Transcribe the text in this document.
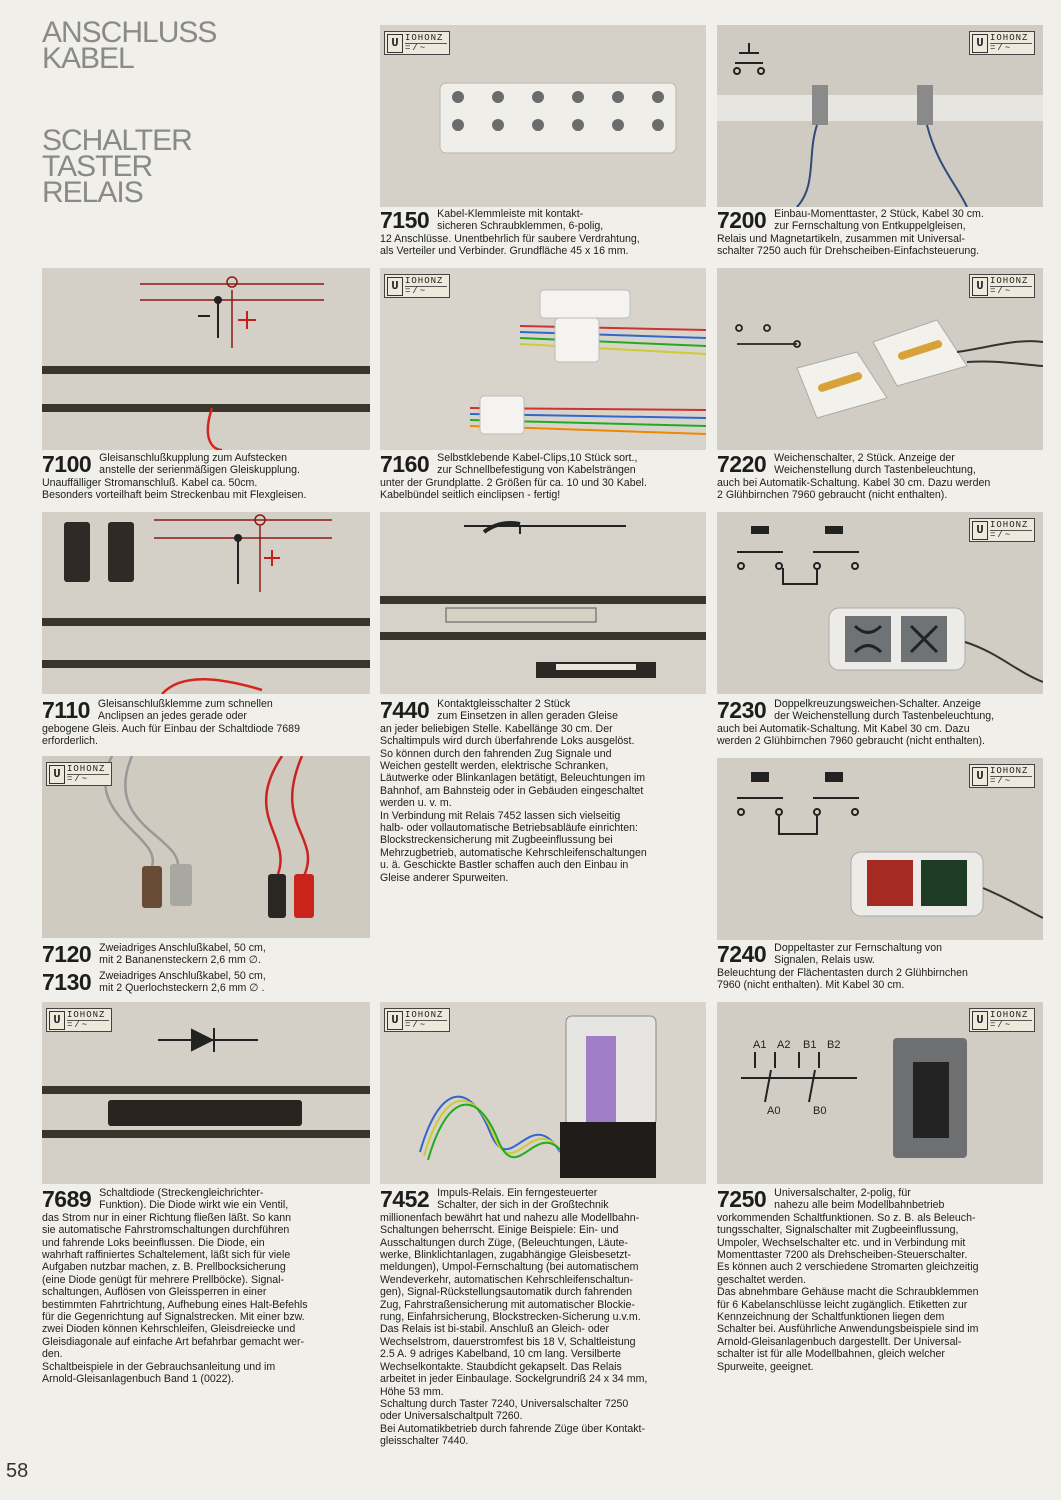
ANSCHLUSS
KABEL
SCHALTER
TASTER
RELAIS
U IOHONZ
=/~
7150 Kabel-Klemmleiste mit kontakt-
sicheren Schraubklemmen, 6-polig,
12 Anschlüsse. Unentbehrlich für saubere Verdrahtung,
als Verteiler und Verbinder. Grundfläche 45 x 16 mm.
U IOHONZ
=/~
7200 Einbau-Momenttaster, 2 Stück, Kabel 30 cm.
zur Fernschaltung von Entkuppelgleisen,
Relais und Magnetartikeln, zusammen mit Universal-
schalter 7250 auch für Drehscheiben-Einfachsteuerung.
7100 Gleisanschlußkupplung zum Aufstecken
anstelle der serienmäßigen Gleiskupplung.
Unauffälliger Stromanschluß. Kabel ca. 50cm.
Besonders vorteilhaft beim Streckenbau mit Flexgleisen.
U IOHONZ
=/~
7160 Selbstklebende Kabel-Clips,10 Stück sort.,
zur Schnellbefestigung von Kabelsträngen
unter der Grundplatte. 2 Größen für ca. 10 und 30 Kabel.
Kabelbündel seitlich einclipsen - fertig!
U IOHONZ
=/~
7220 Weichenschalter, 2 Stück. Anzeige der
Weichenstellung durch Tastenbeleuchtung,
auch bei Automatik-Schaltung. Kabel 30 cm. Dazu werden
2 Glühbirnchen 7960 gebraucht (nicht enthalten).
7110 Gleisanschlußklemme zum schnellen
Anclipsen an jedes gerade oder
gebogene Gleis. Auch für Einbau der Schaltdiode 7689
erforderlich.
7440 Kontaktgleisschalter 2 Stück
zum Einsetzen in allen geraden Gleise
an jeder beliebigen Stelle. Kabellänge 30 cm. Der
Schaltimpuls wird durch überfahrende Loks ausgelöst.
So können durch den fahrenden Zug Signale und
Weichen gestellt werden, elektrische Schranken,
Läutwerke oder Blinkanlagen betätigt, Beleuchtungen im
Bahnhof, am Bahnsteig oder in Gebäuden eingeschaltet
werden u. v. m.
In Verbindung mit Relais 7452 lassen sich vielseitig
halb- oder vollautomatische Betriebsabläufe einrichten:
Blockstreckensicherung mit Zugbeeinflussung bei
Mehrzugbetrieb, automatische Kehrschleifenschaltungen
u. ä. Geschickte Bastler schaffen auch den Einbau in
Gleise anderer Spurweiten.
U IOHONZ
=/~
7230 Doppelkreuzungsweichen-Schalter. Anzeige
der Weichenstellung durch Tastenbeleuchtung,
auch bei Automatik-Schaltung. Mit Kabel 30 cm. Dazu
werden 2 Glühbirnchen 7960 gebraucht (nicht enthalten).
U IOHONZ
=/~
7120 Zweiadriges Anschlußkabel, 50 cm,
mit 2 Bananensteckern 2,6 mm ∅.
7130 Zweiadriges Anschlußkabel, 50 cm,
mit 2 Querlochsteckern 2,6 mm ∅ .
U IOHONZ
=/~
7240 Doppeltaster zur Fernschaltung von
Signalen, Relais usw.
Beleuchtung der Flächentasten durch 2 Glühbirnchen
7960 (nicht enthalten). Mit Kabel 30 cm.
U IOHONZ
=/~
7689 Schaltdiode (Streckengleichrichter-
Funktion). Die Diode wirkt wie ein Ventil,
das Strom nur in einer Richtung fließen läßt. So kann
sie automatische Fahrstromschaltungen durchführen
und fahrende Loks beeinflussen. Die Diode, ein
wahrhaft raffiniertes Schaltelement, läßt sich für viele
Aufgaben nutzbar machen, z. B. Prellbocksicherung
(eine Diode genügt für mehrere Prellböcke). Signal-
schaltungen, Auflösen von Gleissperren in einer
bestimmten Fahrtrichtung, Aufhebung eines Halt-Befehls
für die Gegenrichtung auf Signalstrecken. Mit einer bzw.
zwei Dioden können Kehrschleifen, Gleisdreiecke und
Gleisdiagonale auf einfache Art befahrbar gemacht wer-
den.
Schaltbeispiele in der Gebrauchsanleitung und im
Arnold-Gleisanlagenbuch Band 1 (0022).
U IOHONZ
=/~
7452 Impuls-Relais. Ein ferngesteuerter
Schalter, der sich in der Großtechnik
millionenfach bewährt hat und nahezu alle Modellbahn-
Schaltungen beherrscht. Einige Beispiele: Ein- und
Ausschaltungen durch Züge, (Beleuchtungen, Läute-
werke, Blinklichtanlagen, zugabhängige Gleisbesetzt-
meldungen), Umpol-Fernschaltung (bei automatischem
Wendeverkehr, automatischen Kehrschleifenschaltun-
gen), Signal-Rückstellungsautomatik durch fahrenden
Zug, Fahrstraßensicherung mit automatischer Blockie-
rung, Einfahrsicherung, Blockstrecken-Sicherung u.v.m.
Das Relais ist bi-stabil. Anschluß an Gleich- oder
Wechselstrom, dauerstromfest bis 18 V, Schaltleistung
2.5 A. 9 adriges Kabelband, 10 cm lang. Versilberte
Wechselkontakte. Staubdicht gekapselt. Das Relais
arbeitet in jeder Einbaulage. Sockelgrundriß 24 x 34 mm,
Höhe 53 mm.
Schaltung durch Taster 7240, Universalschalter 7250
oder Universalschaltpult 7260.
Bei Automatikbetrieb durch fahrende Züge über Kontakt-
gleisschalter 7440.
A1 A2 B1 B2
A0	B0
U IOHONZ
=/~
7250 Universalschalter, 2-polig, für
nahezu alle beim Modellbahnbetrieb
vorkommenden Schaltfunktionen. So z. B. als Beleuch-
tungsschalter, Signalschalter mit Zugbeeinflussung,
Umpoler, Wechselschalter etc. und in Verbindung mit
Momenttaster 7200 als Drehscheiben-Steuerschalter.
Es können auch 2 verschiedene Stromarten gleichzeitig
geschaltet werden.
Das abnehmbare Gehäuse macht die Schraubklemmen
für 6 Kabelanschlüsse leicht zugänglich. Etiketten zur
Kennzeichnung der Schaltfunktionen liegen dem
Schalter bei. Ausführliche Anwendungsbeispiele sind im
Arnold-Gleisanlagenbuch dargestellt. Der Universal-
schalter ist für alle Modellbahnen, gleich welcher
Spurweite, geeignet.
58
